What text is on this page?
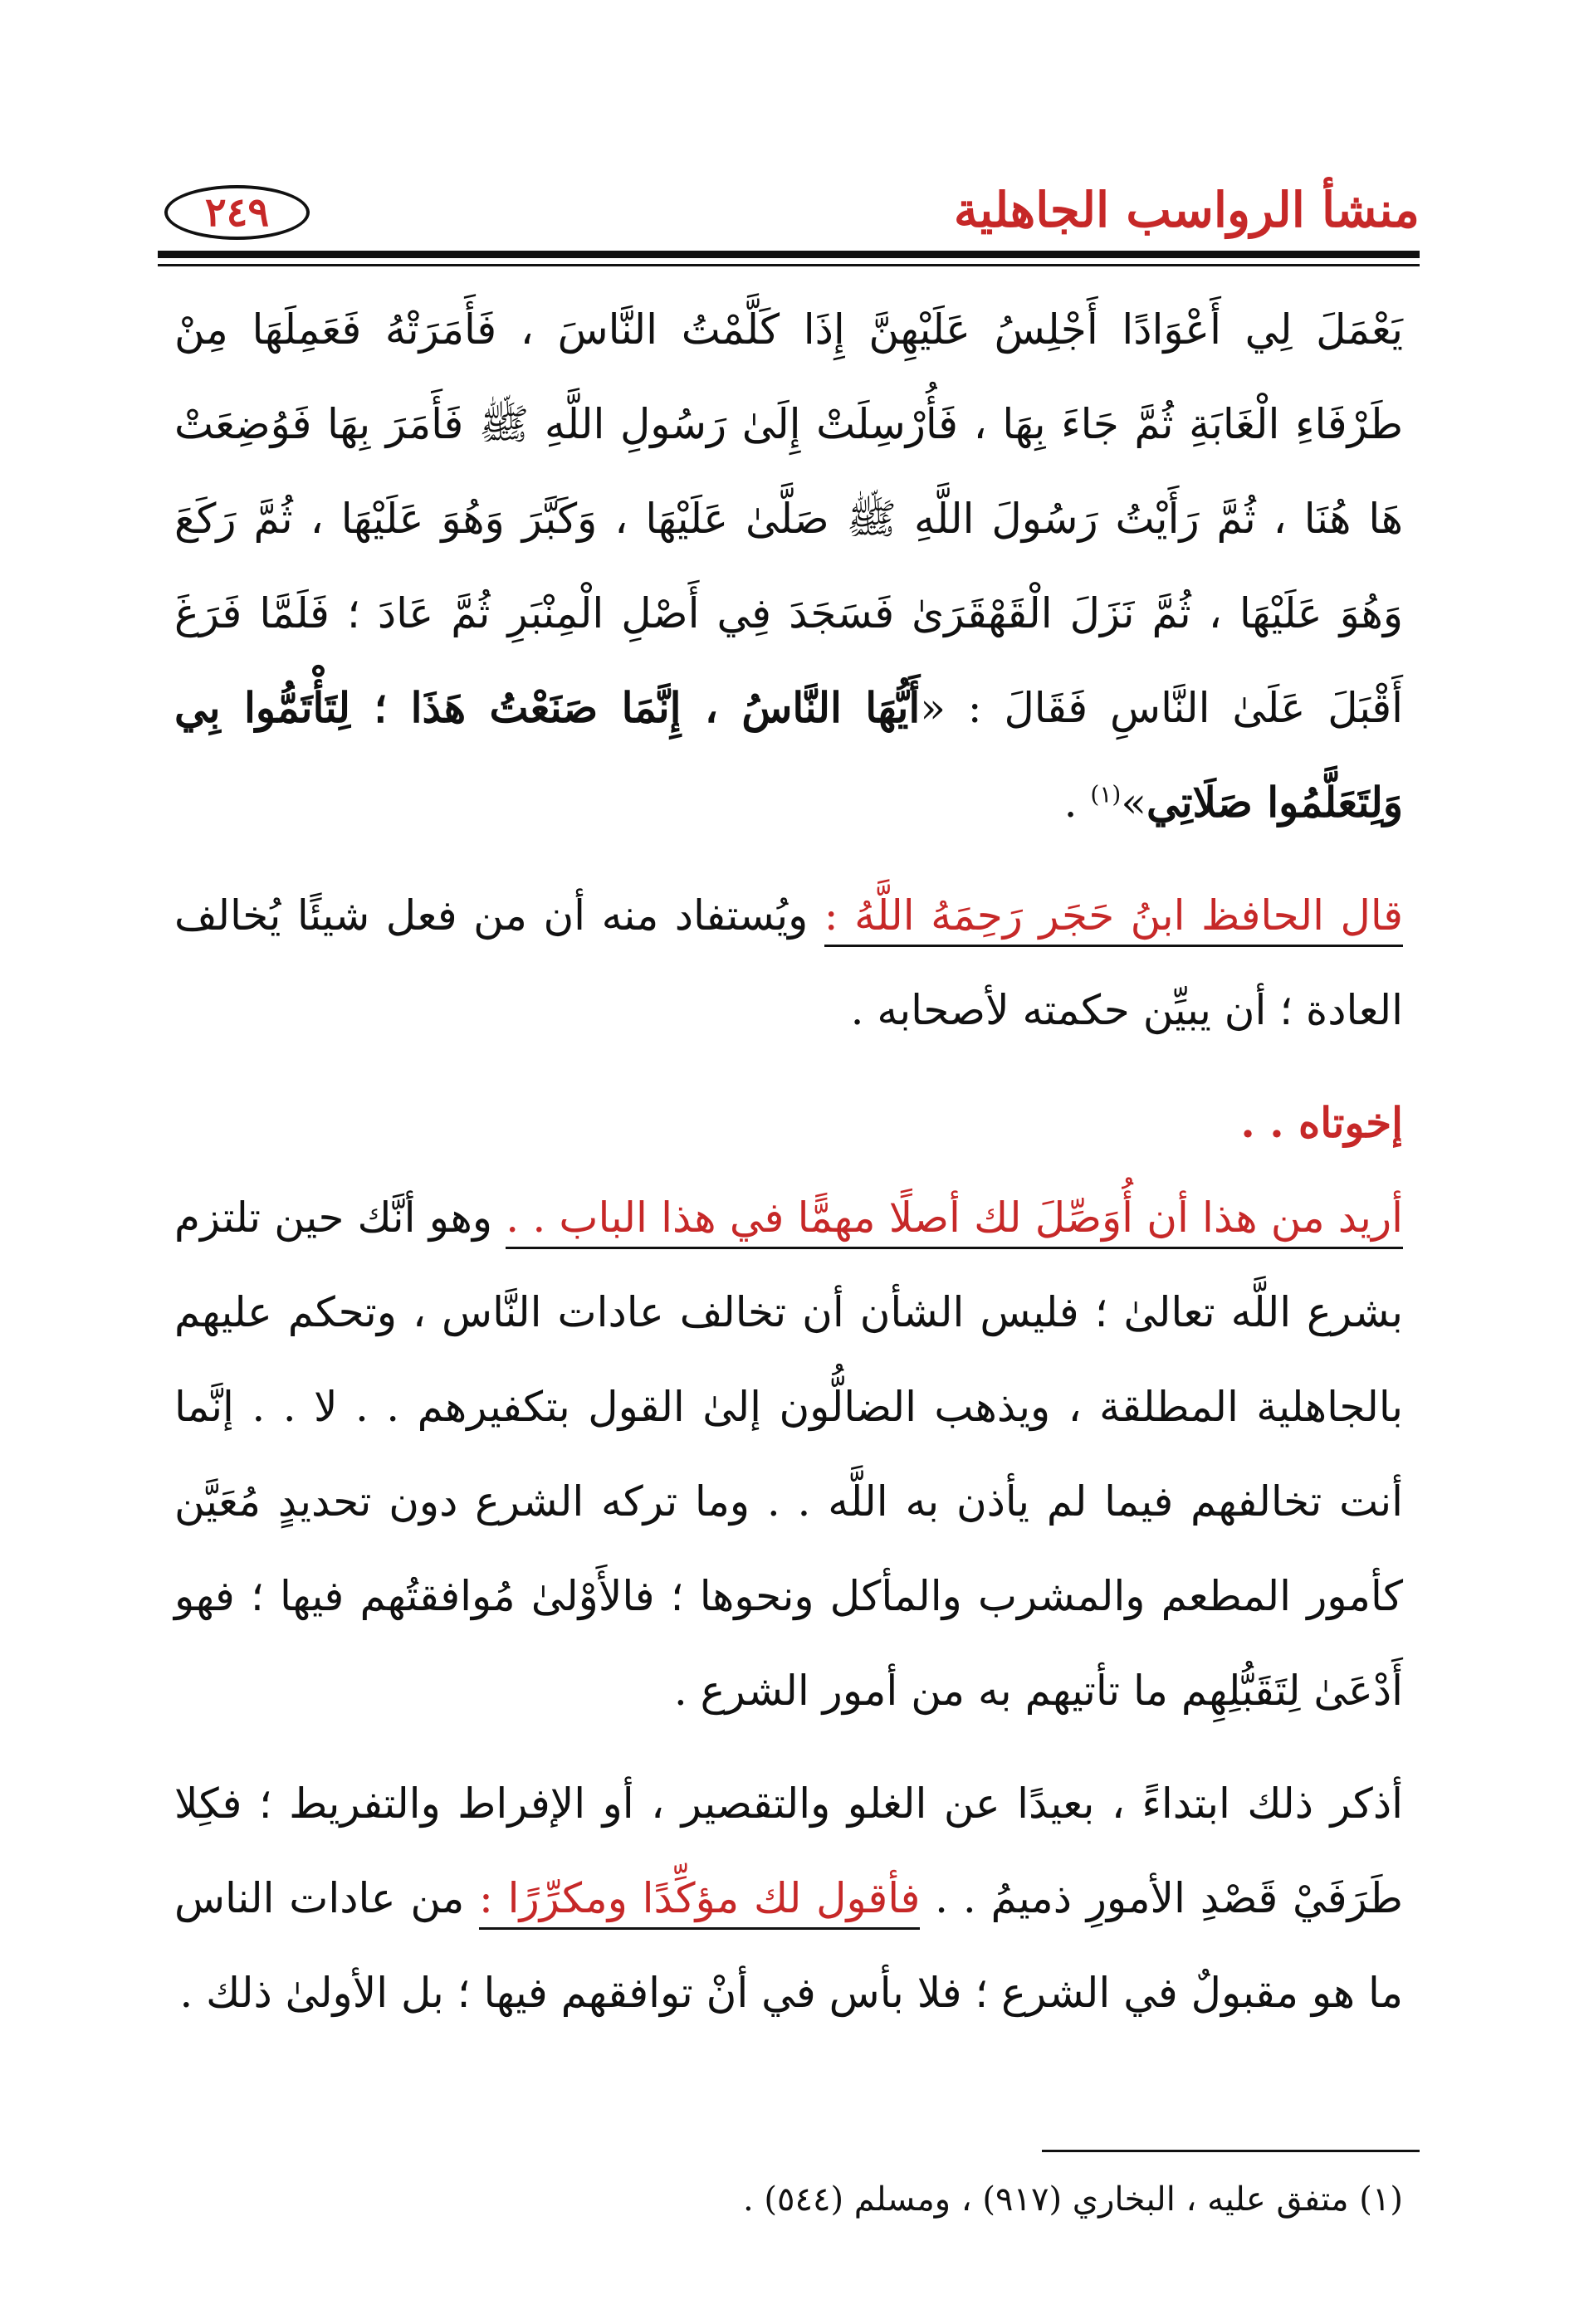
منشأ الرواسب الجاهلية
٢٤٩

يَعْمَلَ لِي أَعْوَادًا أَجْلِسُ عَلَيْهِنَّ إِذَا كَلَّمْتُ النَّاسَ ، فَأَمَرَتْهُ فَعَمِلَهَا مِنْ طَرْفَاءِ الْغَابَةِ ثُمَّ جَاءَ بِهَا ، فَأُرْسِلَتْ إِلَىٰ رَسُولِ اللَّهِ ﷺ فَأَمَرَ بِهَا فَوُضِعَتْ هَا هُنَا ، ثُمَّ رَأَيْتُ رَسُولَ اللَّهِ ﷺ صَلَّىٰ عَلَيْهَا ، وَكَبَّرَ وَهُوَ عَلَيْهَا ، ثُمَّ رَكَعَ وَهُوَ عَلَيْهَا ، ثُمَّ نَزَلَ الْقَهْقَرَىٰ فَسَجَدَ فِي أَصْلِ الْمِنْبَرِ ثُمَّ عَادَ ؛ فَلَمَّا فَرَغَ أَقْبَلَ عَلَىٰ النَّاسِ فَقَالَ : «أَيُّهَا النَّاسُ ، إِنَّمَا صَنَعْتُ هَذَا ؛ لِتَأْتَمُّوا بِي وَلِتَعَلَّمُوا صَلَاتِي»$^{(١)}$ .

قال الحافظ ابنُ حَجَر رَحِمَهُ اللَّهُ : ويُستفاد منه أن من فعل شيئًا يُخالف العادة ؛ أن يبيِّن حكمته لأصحابه .

إخوتاه . .

أريد من هذا أن أُوَصِّلَ لك أصلًا مهمًّا في هذا الباب . . وهو أنَّك حين تلتزم بشرع اللَّه تعالىٰ ؛ فليس الشأن أن تخالف عادات النَّاس ، وتحكم عليهم بالجاهلية المطلقة ، ويذهب الضالُّون إلىٰ القول بتكفيرهم . . لا . . إنَّما أنت تخالفهم فيما لم يأذن به اللَّه . . وما تركه الشرع دون تحديدٍ مُعَيَّن كأمور المطعم والمشرب والمأكل ونحوها ؛ فالأَوْلىٰ مُوافقتُهم فيها ؛ فهو أَدْعَىٰ لِتَقَبُّلِهِم ما تأتيهم به من أمور الشرع .

أذكر ذلك ابتداءً ، بعيدًا عن الغلو والتقصير ، أو الإفراط والتفريط ؛ فكِلا طَرَفَيْ قَصْدِ الأمورِ ذميمُ . . فأقول لك مؤكِّدًا ومكرِّرًا : من عادات الناس ما هو مقبولٌ في الشرع ؛ فلا بأس في أنْ توافقهم فيها ؛ بل الأولىٰ ذلك .

(١) متفق عليه ، البخاري (٩١٧) ، ومسلم (٥٤٤) .
